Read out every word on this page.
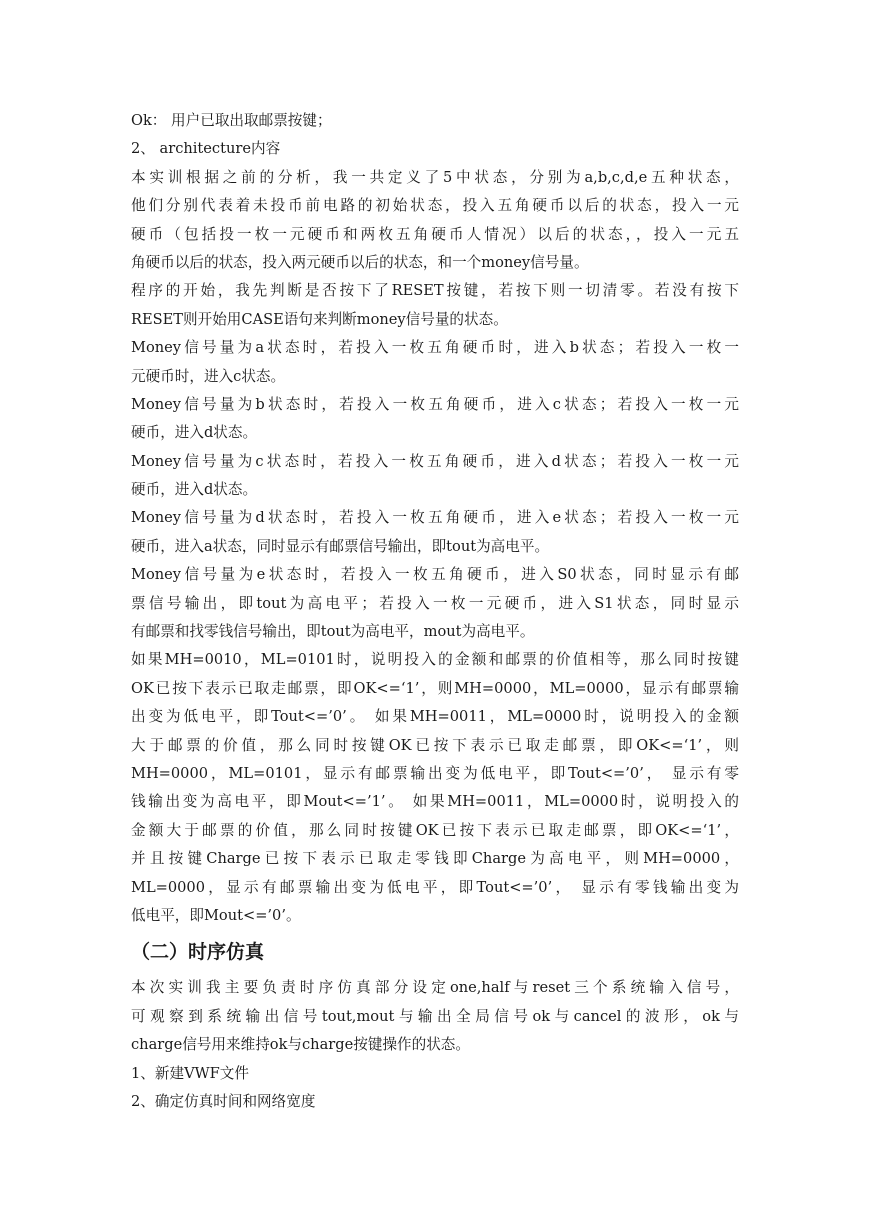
Ok： 用户已取出取邮票按键；
2、 architecture内容
本实训根据之前的分析，我一共定义了5中状态，分别为a,b,c,d,e五种状态，
他们分别代表着未投币前电路的初始状态，投入五角硬币以后的状态，投入一元
硬币（包括投一枚一元硬币和两枚五角硬币人情况）以后的状态，，投入一元五
角硬币以后的状态，投入两元硬币以后的状态，和一个money信号量。
程序的开始，我先判断是否按下了RESET按键，若按下则一切清零。若没有按下
RESET则开始用CASE语句来判断money信号量的状态。
Money信号量为a状态时，若投入一枚五角硬币时，进入b状态；若投入一枚一
元硬币时，进入c状态。
Money信号量为b状态时，若投入一枚五角硬币，进入c状态；若投入一枚一元
硬币，进入d状态。
Money信号量为c状态时，若投入一枚五角硬币，进入d状态；若投入一枚一元
硬币，进入d状态。
Money信号量为d状态时，若投入一枚五角硬币，进入e状态；若投入一枚一元
硬币，进入a状态，同时显示有邮票信号输出，即tout为高电平。
Money信号量为e状态时，若投入一枚五角硬币，进入S0状态，同时显示有邮
票信号输出，即tout为高电平；若投入一枚一元硬币，进入S1状态，同时显示
有邮票和找零钱信号输出，即tout为高电平，mout为高电平。
如果MH=0010，ML=0101时，说明投入的金额和邮票的价值相等，那么同时按键
OK已按下表示已取走邮票，即OK<=‘1’，则MH=0000，ML=0000，显示有邮票输
出变为低电平，即Tout<=’0’。 如果MH=0011，ML=0000时，说明投入的金额
大于邮票的价值，那么同时按键OK已按下表示已取走邮票，即OK<=‘1’，则
MH=0000，ML=0101，显示有邮票输出变为低电平，即Tout<=’0’， 显示有零
钱输出变为高电平，即Mout<=’1’。 如果MH=0011，ML=0000时，说明投入的
金额大于邮票的价值，那么同时按键OK已按下表示已取走邮票，即OK<=‘1’，
并且按键Charge已按下表示已取走零钱即Charge为高电平，则MH=0000，
ML=0000，显示有邮票输出变为低电平，即Tout<=’0’， 显示有零钱输出变为
低电平，即Mout<=’0’。
（二）时序仿真
本次实训我主要负责时序仿真部分设定one,half与reset三个系统输入信号，
可观察到系统输出信号tout,mout与输出全局信号ok与cancel的波形，ok与
charge信号用来维持ok与charge按键操作的状态。
1、新建VWF文件
2、确定仿真时间和网络宽度
